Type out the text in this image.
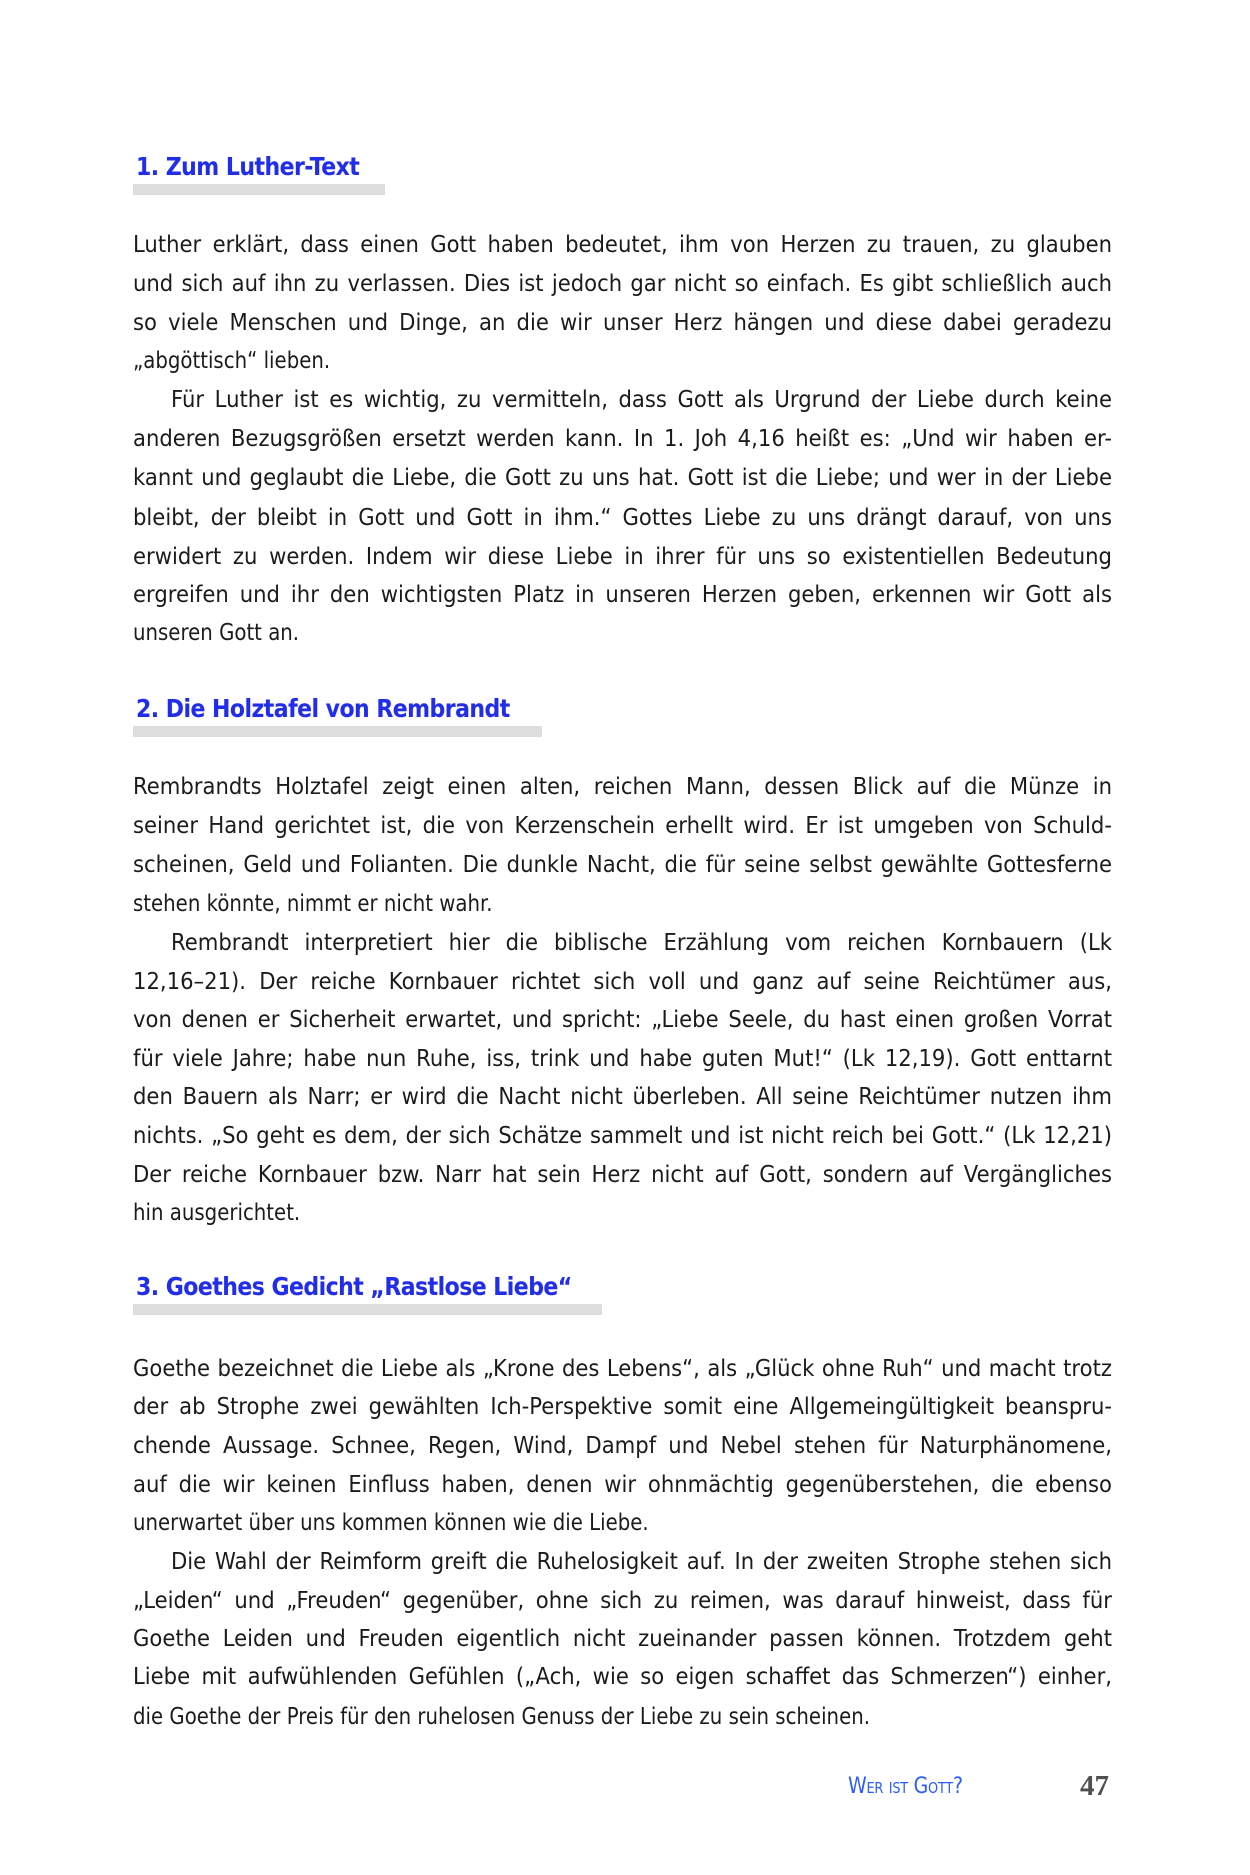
1. Zum Luther-Text
Luther erklärt, dass einen Gott haben bedeutet, ihm von Herzen zu trauen, zu glauben
und sich auf ihn zu verlassen. Dies ist jedoch gar nicht so einfach. Es gibt schließlich auch
so viele Menschen und Dinge, an die wir unser Herz hängen und diese dabei geradezu
„abgöttisch“ lieben.
Für Luther ist es wichtig, zu vermitteln, dass Gott als Urgrund der Liebe durch keine
anderen Bezugsgrößen ersetzt werden kann. In 1. Joh 4,16 heißt es: „Und wir haben er-
kannt und geglaubt die Liebe, die Gott zu uns hat. Gott ist die Liebe; und wer in der Liebe
bleibt, der bleibt in Gott und Gott in ihm.“ Gottes Liebe zu uns drängt darauf, von uns
erwidert zu werden. Indem wir diese Liebe in ihrer für uns so existentiellen Bedeutung
ergreifen und ihr den wichtigsten Platz in unseren Herzen geben, erkennen wir Gott als
unseren Gott an.
2. Die Holztafel von Rembrandt
Rembrandts Holztafel zeigt einen alten, reichen Mann, dessen Blick auf die Münze in
seiner Hand gerichtet ist, die von Kerzenschein erhellt wird. Er ist umgeben von Schuld-
scheinen, Geld und Folianten. Die dunkle Nacht, die für seine selbst gewählte Gottesferne
stehen könnte, nimmt er nicht wahr.
Rembrandt interpretiert hier die biblische Erzählung vom reichen Kornbauern (Lk
12,16–21). Der reiche Kornbauer richtet sich voll und ganz auf seine Reichtümer aus,
von denen er Sicherheit erwartet, und spricht: „Liebe Seele, du hast einen großen Vorrat
für viele Jahre; habe nun Ruhe, iss, trink und habe guten Mut!“ (Lk 12,19). Gott enttarnt
den Bauern als Narr; er wird die Nacht nicht überleben. All seine Reichtümer nutzen ihm
nichts. „So geht es dem, der sich Schätze sammelt und ist nicht reich bei Gott.“ (Lk 12,21)
Der reiche Kornbauer bzw. Narr hat sein Herz nicht auf Gott, sondern auf Vergängliches
hin ausgerichtet.
3. Goethes Gedicht „Rastlose Liebe“
Goethe bezeichnet die Liebe als „Krone des Lebens“, als „Glück ohne Ruh“ und macht trotz
der ab Strophe zwei gewählten Ich-Perspektive somit eine Allgemeingültigkeit beanspru-
chende Aussage. Schnee, Regen, Wind, Dampf und Nebel stehen für Naturphänomene,
auf die wir keinen Einfluss haben, denen wir ohnmächtig gegenüberstehen, die ebenso
unerwartet über uns kommen können wie die Liebe.
Die Wahl der Reimform greift die Ruhelosigkeit auf. In der zweiten Strophe stehen sich
„Leiden“ und „Freuden“ gegenüber, ohne sich zu reimen, was darauf hinweist, dass für
Goethe Leiden und Freuden eigentlich nicht zueinander passen können. Trotzdem geht
Liebe mit aufwühlenden Gefühlen („Ach, wie so eigen schaffet das Schmerzen“) einher,
die Goethe der Preis für den ruhelosen Genuss der Liebe zu sein scheinen.
Wer ist Gott?	47
